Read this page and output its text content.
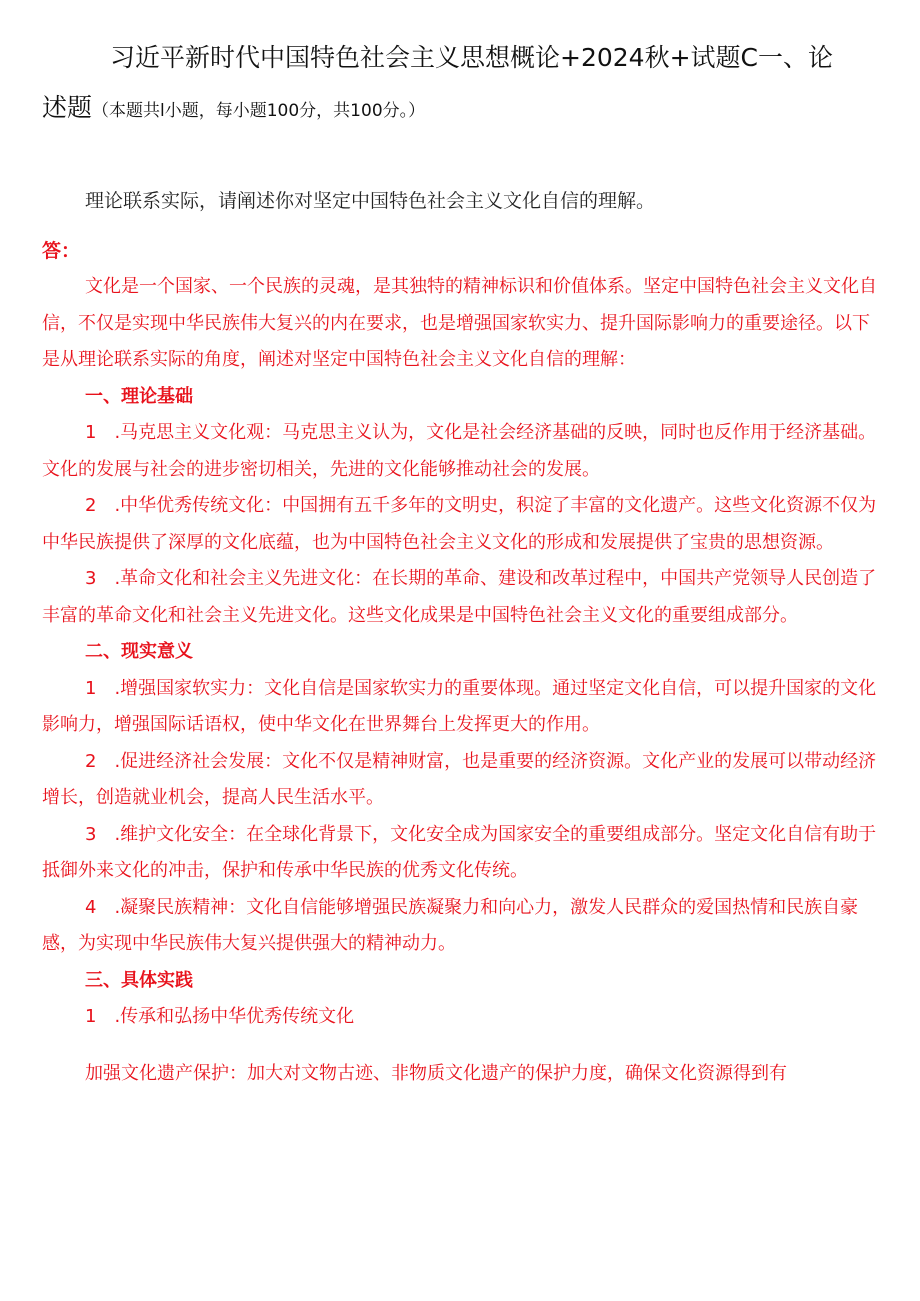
习近平新时代中国特色社会主义思想概论+2024秋+试题C一、论
述题（本题共l小题，每小题100分，共100分。）
理论联系实际，请阐述你对坚定中国特色社会主义文化自信的理解。
答：

文化是一个国家、一个民族的灵魂，是其独特的精神标识和价值体系。坚定中国特色社会主义文化自信，不仅是实现中华民族伟大复兴的内在要求，也是增强国家软实力、提升国际影响力的重要途径。以下是从理论联系实际的角度，阐述对坚定中国特色社会主义文化自信的理解：

一、理论基础

1　.马克思主义文化观：马克思主义认为，文化是社会经济基础的反映，同时也反作用于经济基础。文化的发展与社会的进步密切相关，先进的文化能够推动社会的发展。

2　.中华优秀传统文化：中国拥有五千多年的文明史，积淀了丰富的文化遗产。这些文化资源不仅为中华民族提供了深厚的文化底蕴，也为中国特色社会主义文化的形成和发展提供了宝贵的思想资源。

3　.革命文化和社会主义先进文化：在长期的革命、建设和改革过程中，中国共产党领导人民创造了丰富的革命文化和社会主义先进文化。这些文化成果是中国特色社会主义文化的重要组成部分。

二、现实意义

1　.增强国家软实力：文化自信是国家软实力的重要体现。通过坚定文化自信，可以提升国家的文化影响力，增强国际话语权，使中华文化在世界舞台上发挥更大的作用。

2　.促进经济社会发展：文化不仅是精神财富，也是重要的经济资源。文化产业的发展可以带动经济增长，创造就业机会，提高人民生活水平。

3　.维护文化安全：在全球化背景下，文化安全成为国家安全的重要组成部分。坚定文化自信有助于抵御外来文化的冲击，保护和传承中华民族的优秀文化传统。

4　.凝聚民族精神：文化自信能够增强民族凝聚力和向心力，激发人民群众的爱国热情和民族自豪感，为实现中华民族伟大复兴提供强大的精神动力。

三、具体实践

1　.传承和弘扬中华优秀传统文化

加强文化遗产保护：加大对文物古迹、非物质文化遗产的保护力度，确保文化资源得到有
